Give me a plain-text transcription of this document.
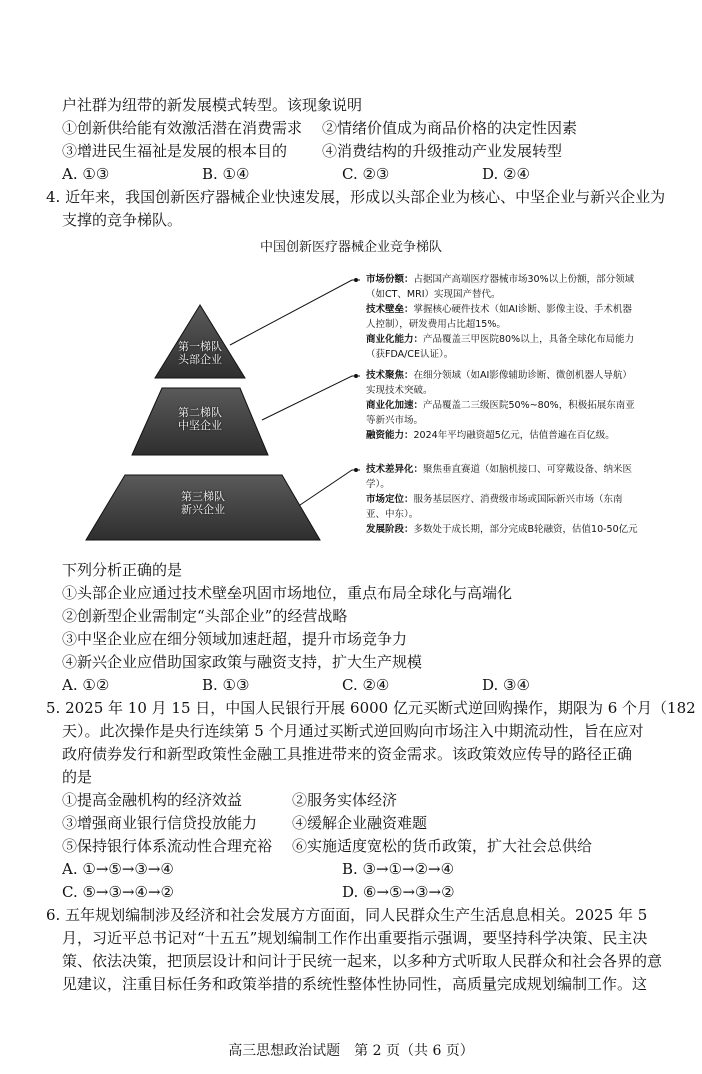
户社群为纽带的新发展模式转型。该现象说明
①创新供给能有效激活潜在消费需求 ②情绪价值成为商品价格的决定性因素
③增进民生福祉是发展的根本目的 ④消费结构的升级推动产业发展转型
A. ①③	B. ①④	C. ②③	D. ②④
4. 近年来，我国创新医疗器械企业快速发展，形成以头部企业为核心、中坚企业与新兴企业为
支撑的竞争梯队。
中国创新医疗器械企业竞争梯队
第一梯队
头部企业
第二梯队
中坚企业
第三梯队
新兴企业
市场份额：占据国产高端医疗器械市场30%以上份额，部分领域（如CT、MRI）实现国产替代。
技术壁垒：掌握核心硬件技术（如AI诊断、影像主设、手术机器人控制），研发费用占比超15%。
商业化能力：产品覆盖三甲医院80%以上，具备全球化布局能力（获FDA/CE认证）。
技术聚焦：在细分领域（如AI影像辅助诊断、微创机器人导航）实现技术突破。
商业化加速：产品覆盖二三级医院50%~80%，积极拓展东南亚等新兴市场。
融资能力：2024年平均融资超5亿元，估值普遍在百亿级。
技术差异化：聚焦垂直赛道（如脑机接口、可穿戴设备、纳米医学）。
市场定位：服务基层医疗、消费级市场或国际新兴市场（东南亚、中东）。
发展阶段：多数处于成长期，部分完成B轮融资，估值10-50亿元
下列分析正确的是
①头部企业应通过技术壁垒巩固市场地位，重点布局全球化与高端化
②创新型企业需制定“头部企业”的经营战略
③中坚企业应在细分领域加速赶超，提升市场竞争力
④新兴企业应借助国家政策与融资支持，扩大生产规模
A. ①②	B. ①③	C. ②④	D. ③④
5. 2025 年 10 月 15 日，中国人民银行开展 6000 亿元买断式逆回购操作，期限为 6 个月（182
天）。此次操作是央行连续第 5 个月通过买断式逆回购向市场注入中期流动性，旨在应对
政府债券发行和新型政策性金融工具推进带来的资金需求。该政策效应传导的路径正确
的是
①提高金融机构的经济效益	②服务实体经济
③增强商业银行信贷投放能力 ④缓解企业融资难题
⑤保持银行体系流动性合理充裕 ⑥实施适度宽松的货币政策，扩大社会总供给
A. ①→⑤→③→④	B. ③→①→②→④
C. ⑤→③→④→②	D. ⑥→⑤→③→②
6. 五年规划编制涉及经济和社会发展方方面面，同人民群众生产生活息息相关。2025 年 5
月，习近平总书记对“十五五”规划编制工作作出重要指示强调，要坚持科学决策、民主决
策、依法决策，把顶层设计和问计于民统一起来，以多种方式听取人民群众和社会各界的意
见建议，注重目标任务和政策举措的系统性整体性协同性，高质量完成规划编制工作。这
高三思想政治试题　第 2 页（共 6 页）
